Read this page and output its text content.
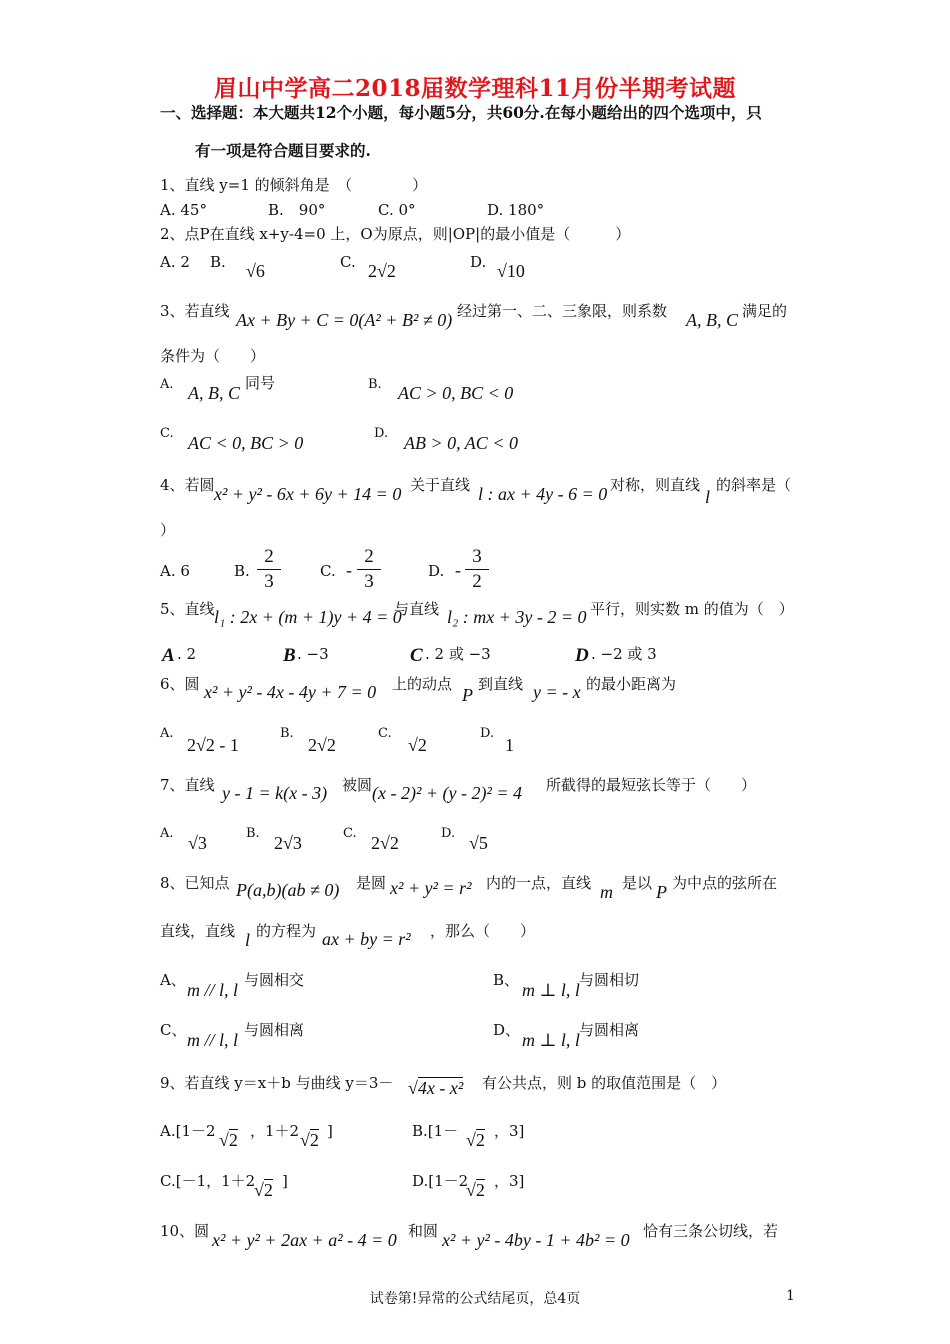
眉山中学高二2018届数学理科11月份半期考试题
一、选择题：本大题共12个小题，每小题5分，共60分.在每小题给出的四个选项中，只
有一项是符合题目要求的.
1、直线 y=1 的倾斜角是　（　　　　）
A. 45°	B.　90°	C. 0°	D. 180°
2、点P在直线 x+y-4=0 上，O为原点，则|OP|的最小值是（　　　）
A. 2 B. √6	C. 2√2	D. √10
3、若直线 Ax + By + C = 0(A² + B² ≠ 0) 经过第一、二、三象限，则系数 A, B, C 满足的
条件为（　　）
A. A, B, C 同号	B. AC > 0, BC < 0
C. AC < 0, BC > 0	D. AB > 0, AC < 0
4、若圆 x² + y² - 6x + 6y + 14 = 0 关于直线 l : ax + 4y - 6 = 0 对称，则直线
l
的斜率是（
）
A. 6	B.
2
3	C. -
2
3	D. -
3
2
5、直线 l₁ : 2x + (m + 1)y + 4 = 0
与直线 l₂ : mx + 3y - 2 = 0 平行，则实数 m 的值为（　）
A . 2	B . −3	C . 2 或 −3	D . −2 或 3
6、圆 x² + y² - 4x - 4y + 7 = 0 上的动点
P
到直线 y = - x 的最小距离为
A.
2√2 - 1
B.
2√2
C.
√2
D.
1
7、直线 y - 1 = k(x - 3) 被圆 (x - 2)² + (y - 2)² = 4 所截得的最短弦长等于（　　）
A. √3	B. 2√3	C. 2√2	D. √5
8、已知点 P(a,b)(ab ≠ 0) 是圆 x² + y² = r² 内的一点，直线 m 是以 P 为中点的弦所在
直线，直线 l 的方程为 ax + by = r² ，那么（　　）
A、 m // l, l 与圆相交	B、 m ⊥ l, l 与圆相切
C、 m // l, l 与圆相离	D、 m ⊥ l, l 与圆相离
9、若直线 y＝x＋b 与曲线 y＝3－ √4x - x² 有公共点，则 b 的取值范围是（　）
A.[1－2 √2 ，1＋2 √2 ]	B.[1－ √2 ，3]
C.[－1，1＋2
√2 ]	D.[1－2
√2 ，3]
10、圆 x² + y² + 2ax + a² - 4 = 0 和圆 x² + y² - 4by - 1 + 4b² = 0 恰有三条公切线，若
试卷第!异常的公式结尾页，总4页	1
